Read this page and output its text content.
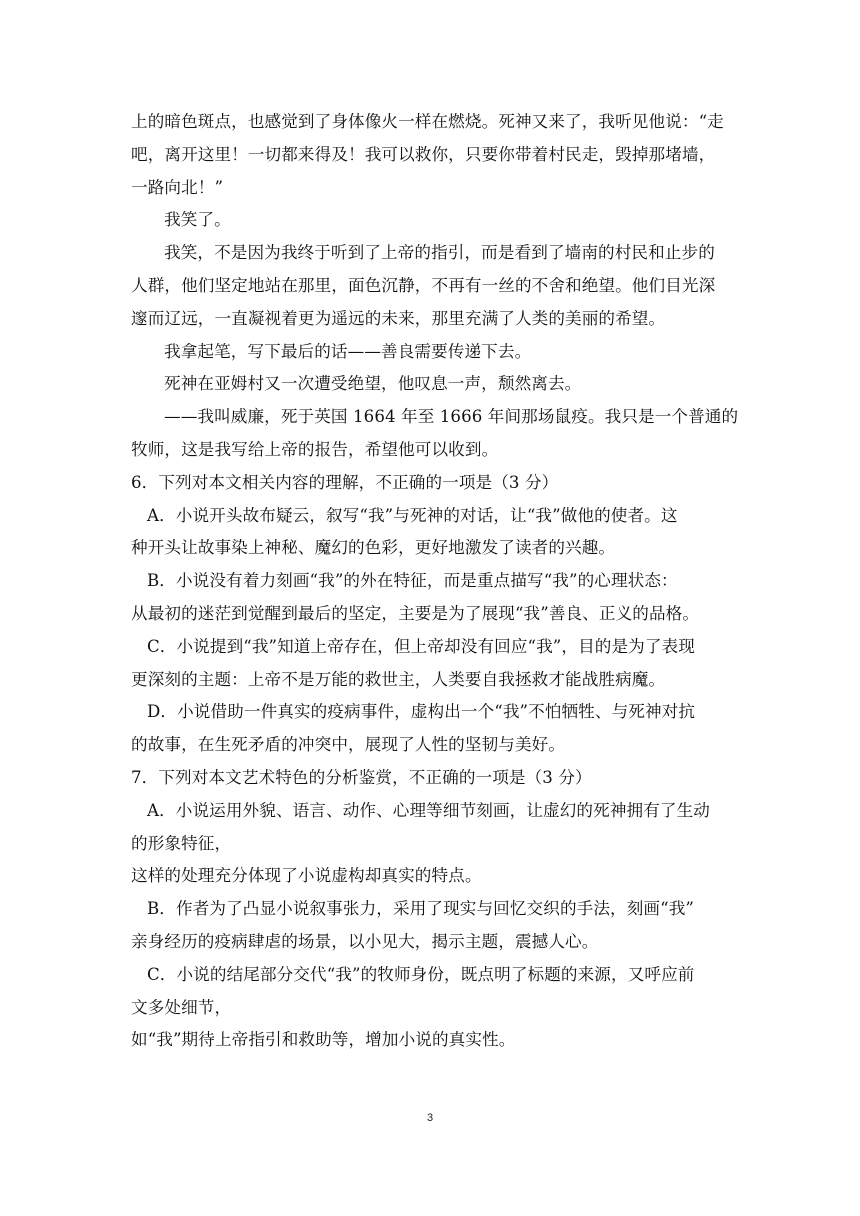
上的暗色斑点，也感觉到了身体像火一样在燃烧。死神又来了，我听见他说：“走
吧，离开这里！一切都来得及！我可以救你，只要你带着村民走，毁掉那堵墙，
一路向北！”
我笑了。
我笑，不是因为我终于听到了上帝的指引，而是看到了墙南的村民和止步的
人群，他们坚定地站在那里，面色沉静，不再有一丝的不舍和绝望。他们目光深
邃而辽远，一直凝视着更为遥远的未来，那里充满了人类的美丽的希望。
我拿起笔，写下最后的话——善良需要传递下去。
死神在亚姆村又一次遭受绝望，他叹息一声，颓然离去。
——我叫威廉，死于英国 1664 年至 1666 年间那场鼠疫。我只是一个普通的
牧师，这是我写给上帝的报告，希望他可以收到。
6．下列对本文相关内容的理解，不正确的一项是（3 分）
A．小说开头故布疑云，叙写“我”与死神的对话，让“我”做他的使者。这
种开头让故事染上神秘、魔幻的色彩，更好地激发了读者的兴趣。
B．小说没有着力刻画“我”的外在特征，而是重点描写“我”的心理状态：
从最初的迷茫到觉醒到最后的坚定，主要是为了展现“我”善良、正义的品格。
C．小说提到“我”知道上帝存在，但上帝却没有回应“我”，目的是为了表现
更深刻的主题：上帝不是万能的救世主，人类要自我拯救才能战胜病魔。
D．小说借助一件真实的疫病事件，虚构出一个“我”不怕牺牲、与死神对抗
的故事，在生死矛盾的冲突中，展现了人性的坚韧与美好。
7．下列对本文艺术特色的分析鉴赏，不正确的一项是（3 分）
A．小说运用外貌、语言、动作、心理等细节刻画，让虚幻的死神拥有了生动
的形象特征，
这样的处理充分体现了小说虚构却真实的特点。
B．作者为了凸显小说叙事张力，采用了现实与回忆交织的手法，刻画“我”
亲身经历的疫病肆虐的场景，以小见大，揭示主题，震撼人心。
C．小说的结尾部分交代“我”的牧师身份，既点明了标题的来源，又呼应前
文多处细节，
如“我”期待上帝指引和救助等，增加小说的真实性。
3
